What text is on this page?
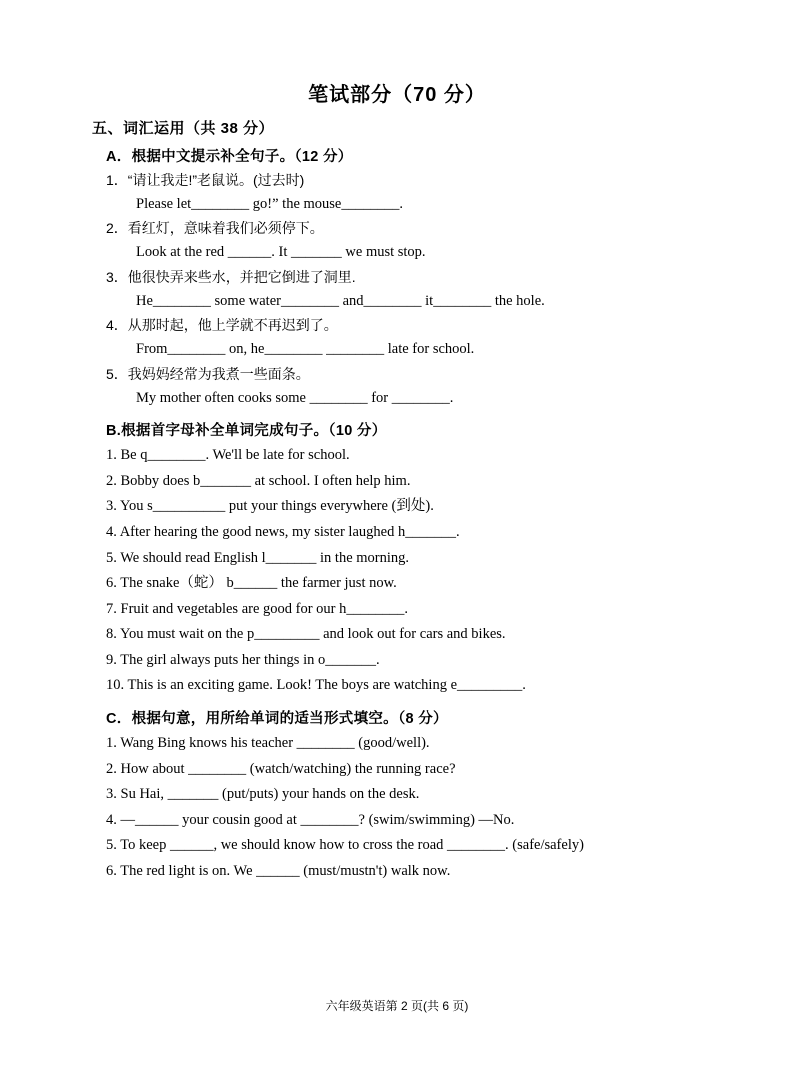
笔试部分（70 分）
五、词汇运用（共 38 分）
A．根据中文提示补全句子。（12 分）
1．“请让我走!”老鼠说。(过去时)
Please let________ go!” the mouse________.
2．看红灯，意味着我们必须停下。
Look at the red ______. It _______ we must stop.
3．他很快弄来些水，并把它倒进了洞里.
He________ some water________ and________ it________ the hole.
4．从那时起，他上学就不再迟到了。
From________ on, he________ ________ late for school.
5．我妈妈经常为我煮一些面条。
My mother often cooks some ________ for ________.
B.根据首字母补全单词完成句子。（10 分）
1. Be q________. We'll be late for school.
2. Bobby does b_______ at school. I often help him.
3. You s__________ put your things everywhere (到处).
4. After hearing the good news, my sister laughed h_______.
5. We should read English l_______ in the morning.
6. The snake（蛇） b______ the farmer just now.
7. Fruit and vegetables are good for our h________.
8. You must wait on the p_________ and look out for cars and bikes.
9. The girl always puts her things in o_______.
10. This is an exciting game. Look! The boys are watching e_________.
C．根据句意，用所给单词的适当形式填空。（8 分）
1. Wang Bing knows his teacher ________ (good/well).
2. How about ________ (watch/watching) the running race?
3. Su Hai, _______ (put/puts) your hands on the desk.
4. —______ your cousin good at ________? (swim/swimming) —No.
5. To keep ______, we should know how to cross the road ________. (safe/safely)
6. The red light is on. We ______ (must/mustn't) walk now.
六年级英语第 2 页(共 6 页)
